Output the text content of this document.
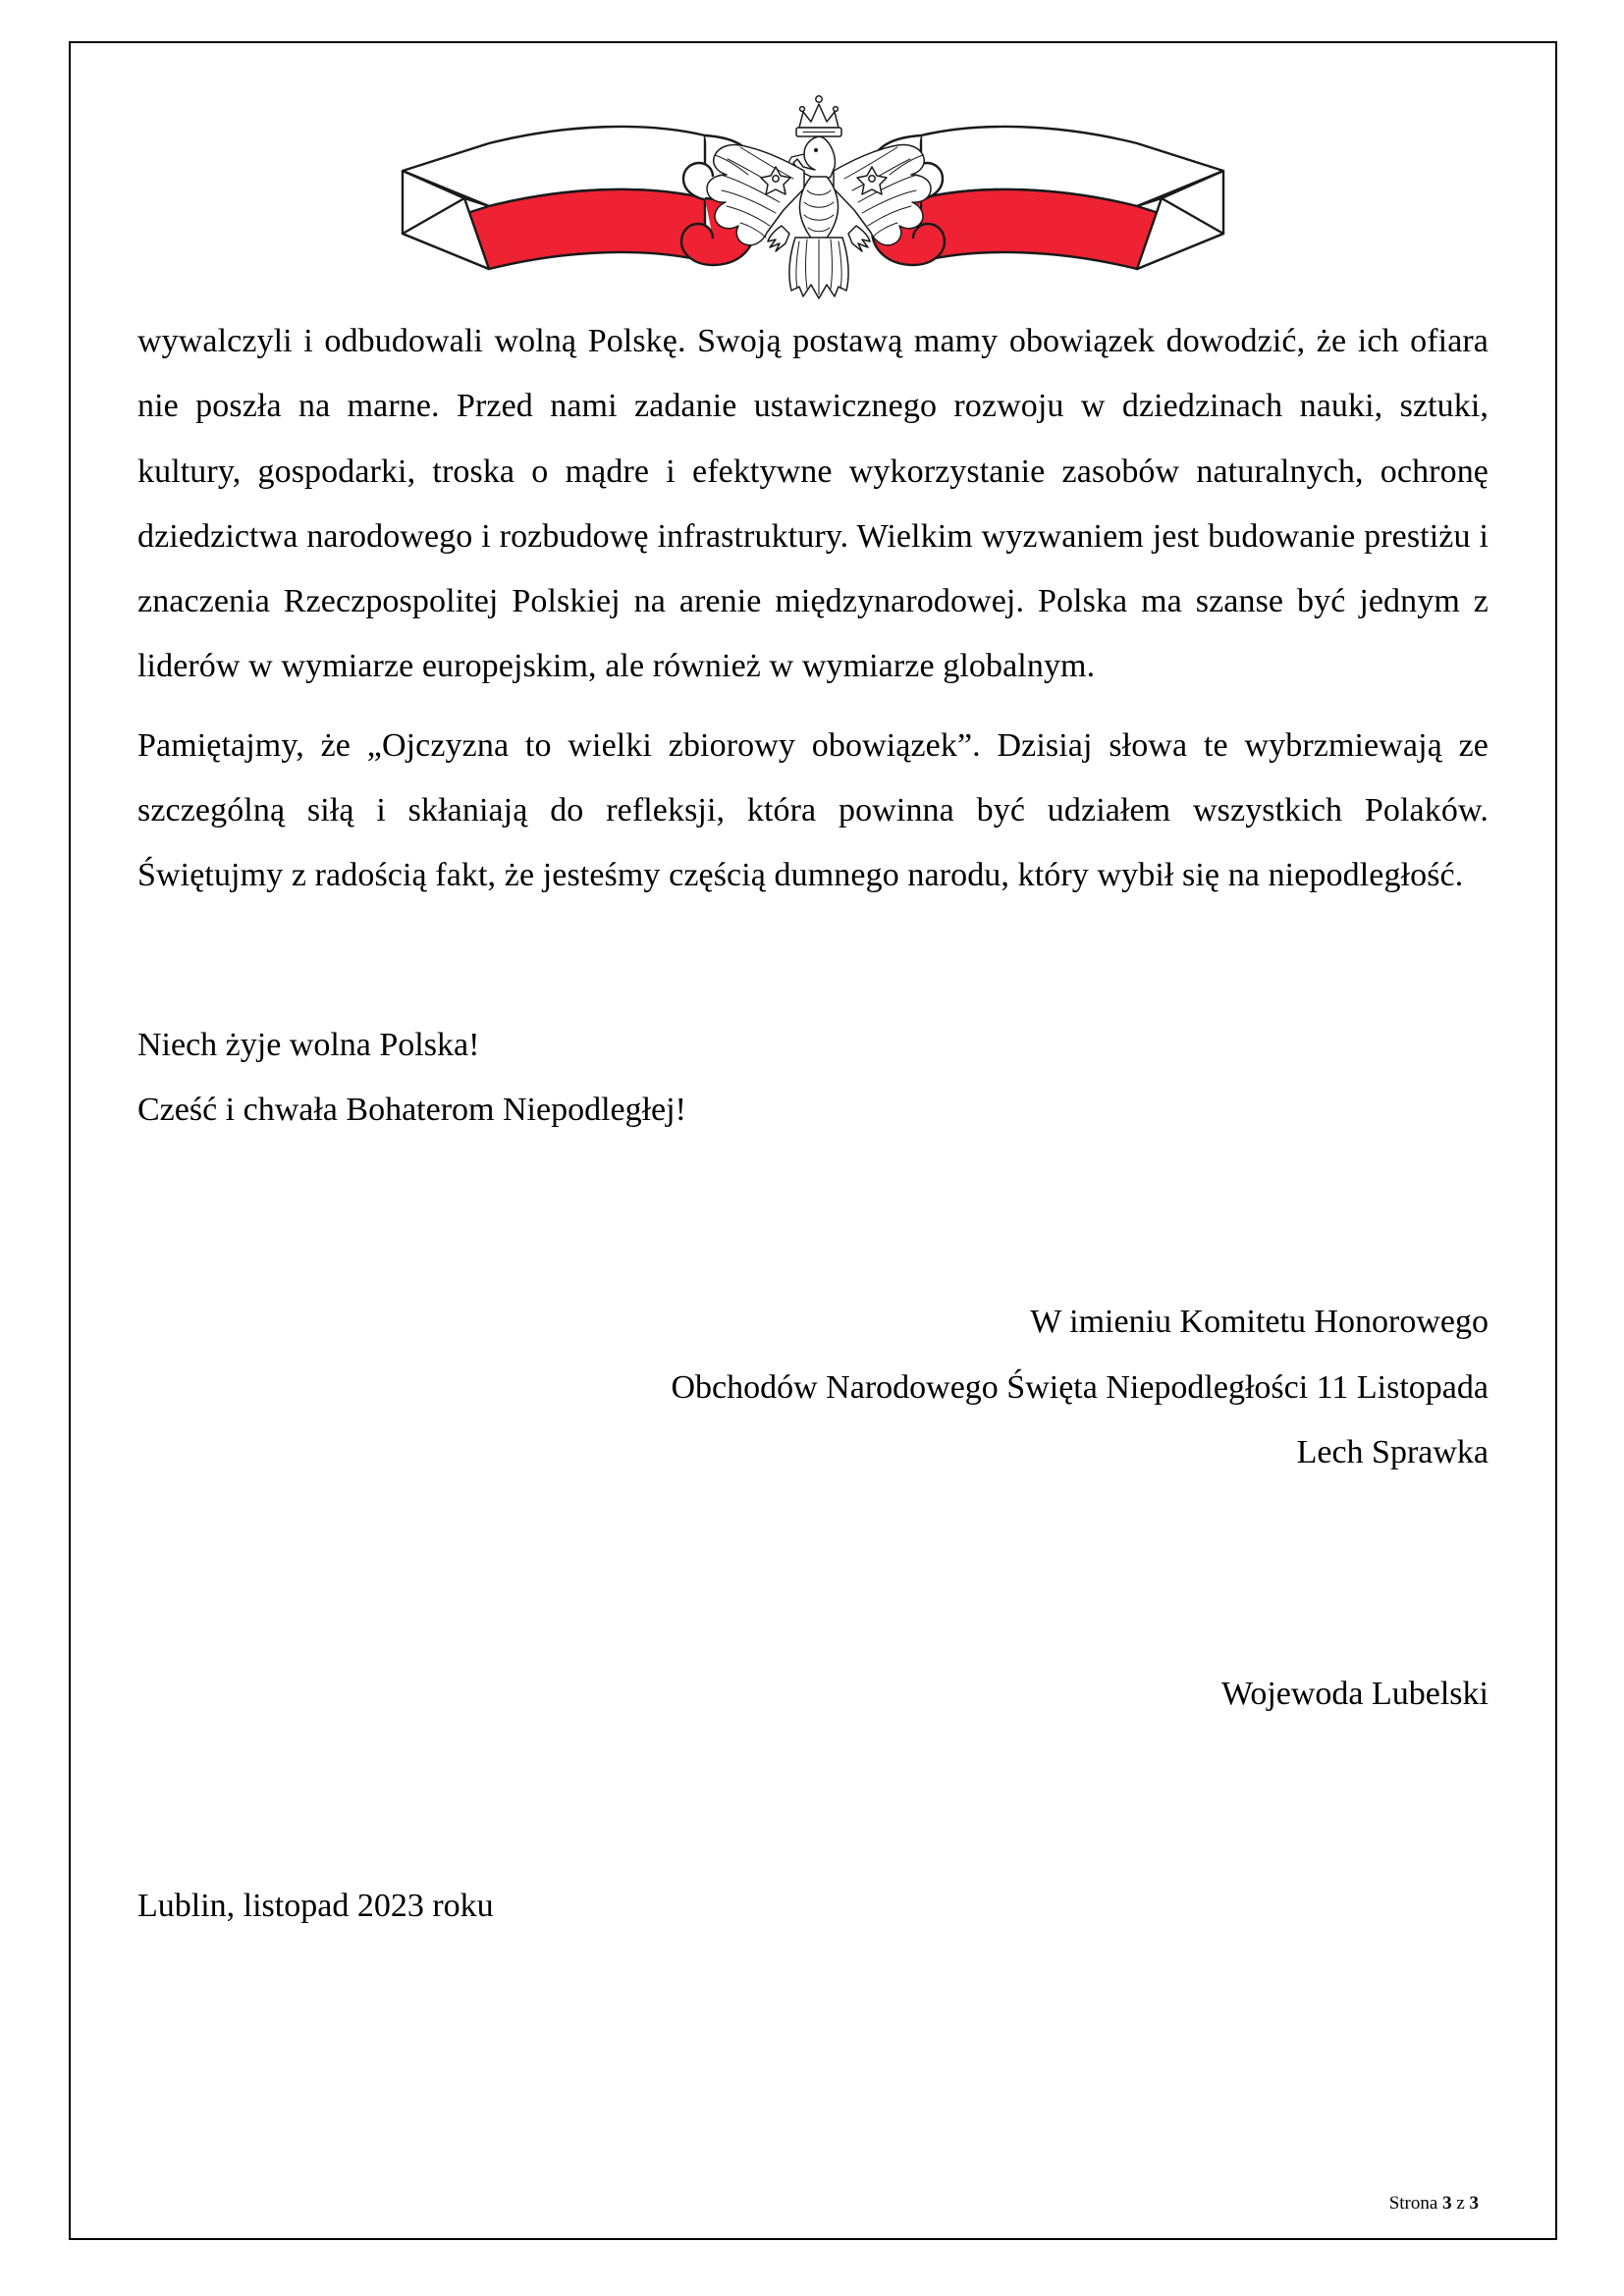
wywalczyli i odbudowali wolną Polskę. Swoją postawą mamy obowiązek dowodzić, że ich ofiara nie poszła na marne. Przed nami zadanie ustawicznego rozwoju w dziedzinach nauki, sztuki, kultury, gospodarki, troska o mądre i efektywne wykorzystanie zasobów naturalnych, ochronę dziedzictwa narodowego i rozbudowę infrastruktury. Wielkim wyzwaniem jest budowanie prestiżu i znaczenia Rzeczpospolitej Polskiej na arenie międzynarodowej. Polska ma szanse być jednym z liderów w wymiarze europejskim, ale również w wymiarze globalnym.

Pamiętajmy, że „Ojczyzna to wielki zbiorowy obowiązek”. Dzisiaj słowa te wybrzmiewają ze szczególną siłą i skłaniają do refleksji, która powinna być udziałem wszystkich Polaków. Świętujmy z radością fakt, że jesteśmy częścią dumnego narodu, który wybił się na niepodległość.

Niech żyje wolna Polska!
Cześć i chwała Bohaterom Niepodległej!
W imieniu Komitetu Honorowego
Obchodów Narodowego Święta Niepodległości 11 Listopada
Lech Sprawka
Wojewoda Lubelski
Lublin, listopad 2023 roku
Strona 3 z 3
